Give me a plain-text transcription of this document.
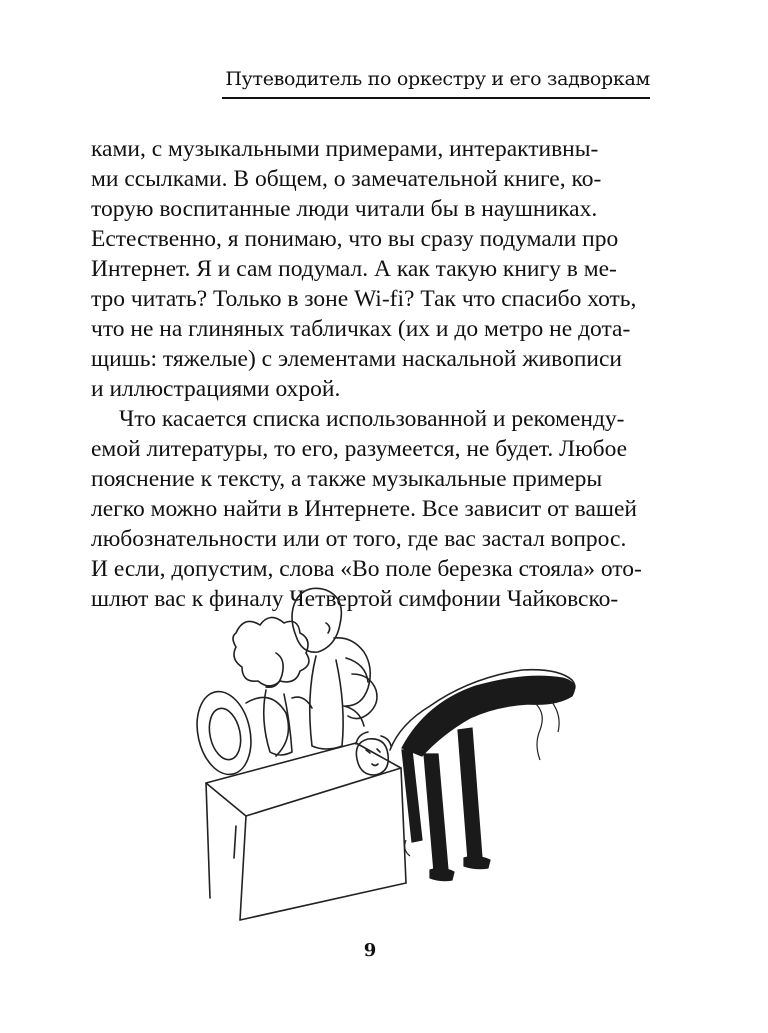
Путеводитель по оркестру и его задворкам
ками, с музыкальными примерами, интерактивны-
ми ссылками. В общем, о замечательной книге, ко-
торую воспитанные люди читали бы в наушниках.
Естественно, я понимаю, что вы сразу подумали про
Интернет. Я и сам подумал. А как такую книгу в ме-
тро читать? Только в зоне Wi-fi? Так что спасибо хоть,
что не на глиняных табличках (их и до метро не дота-
щишь: тяжелые) с элементами наскальной живописи
и иллюстрациями охрой.
Что касается списка использованной и рекоменду-
емой литературы, то его, разумеется, не будет. Любое
пояснение к тексту, а также музыкальные примеры
легко можно найти в Интернете. Все зависит от вашей
любознательности или от того, где вас застал вопрос.
И если, допустим, слова «Во поле березка стояла» ото-
шлют вас к финалу Четвертой симфонии Чайковско-
9
